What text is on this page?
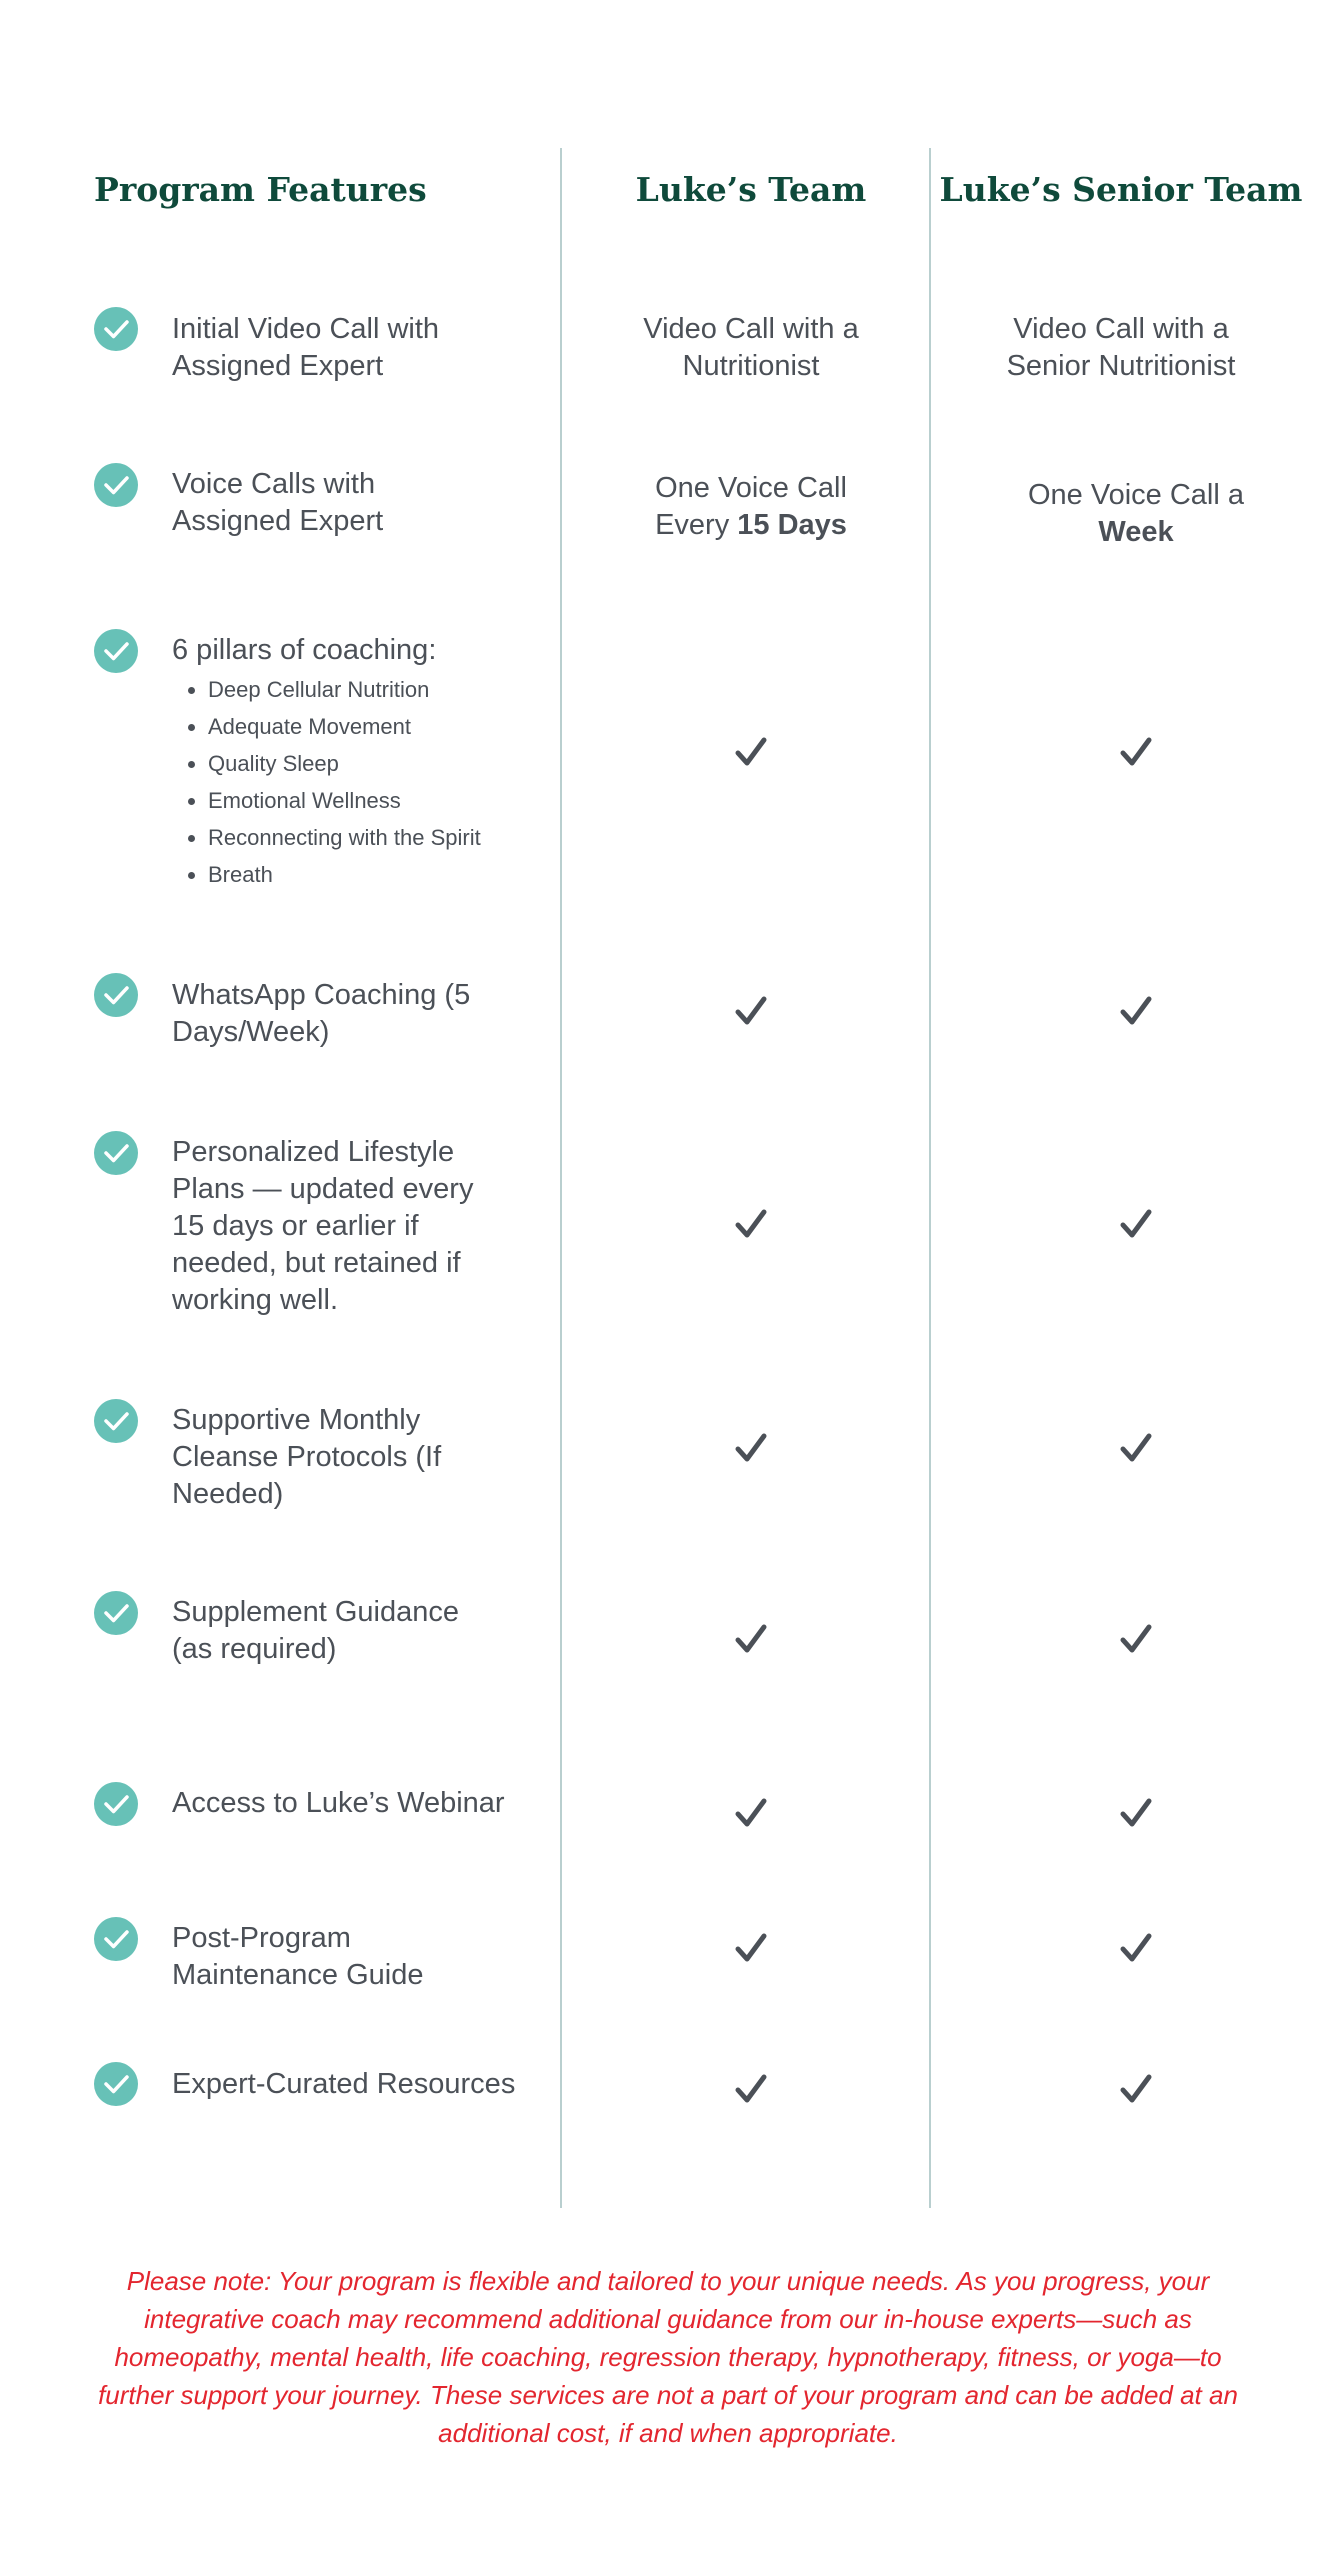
Program Features	Luke’s Team Luke’s Senior Team
Initial Video Call with Assigned Expert
Video Call with a Nutritionist
Video Call with a Senior Nutritionist
Voice Calls with Assigned Expert
One Voice Call Every 15 Days
One Voice Call a Week
6 pillars of coaching:
• Deep Cellular Nutrition
• Adequate Movement
• Quality Sleep
• Emotional Wellness
• Reconnecting with the Spirit
• Breath
WhatsApp Coaching (5 Days/Week)
Personalized Lifestyle Plans — updated every 15 days or earlier if needed, but retained if working well.
Supportive Monthly Cleanse Protocols (If Needed)
Supplement Guidance (as required)
Access to Luke’s Webinar
Post-Program Maintenance Guide
Expert-Curated Resources
Please note: Your program is flexible and tailored to your unique needs. As you progress, your integrative coach may recommend additional guidance from our in-house experts—such as homeopathy, mental health, life coaching, regression therapy, hypnotherapy, fitness, or yoga—to further support your journey. These services are not a part of your program and can be added at an additional cost, if and when appropriate.
